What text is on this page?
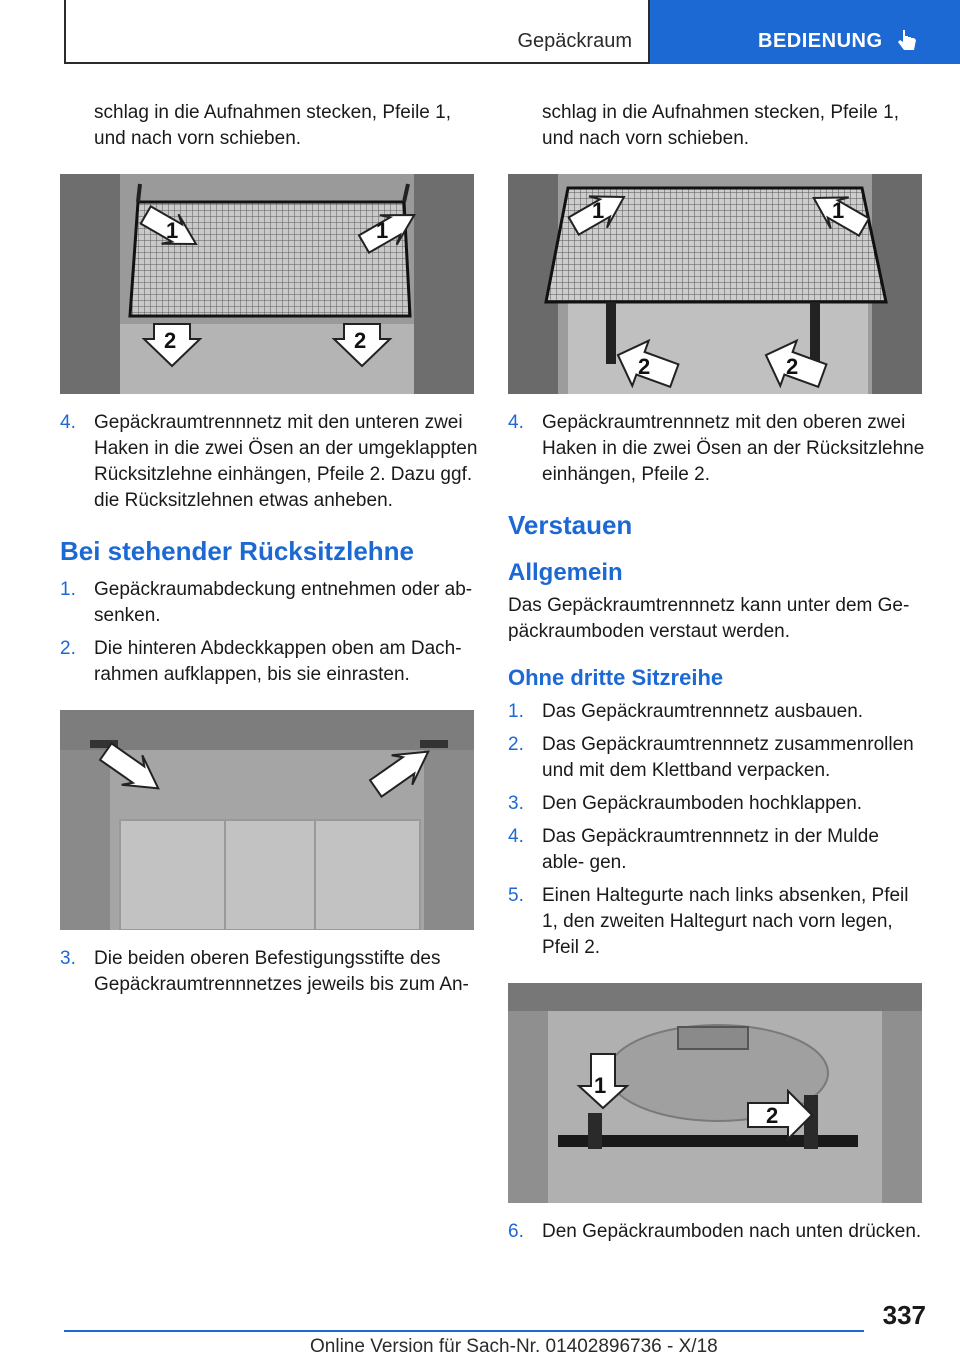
Gepäckraum	BEDIENUNG

schlag in die Aufnahmen stecken, Pfeile 1, und nach vorn schieben.

1	1
2	2
4. Gepäckraumtrennnetz mit den unteren zwei Haken in die zwei Ösen an der umgeklappten Rücksitzlehne einhängen, Pfeile 2. Dazu ggf. die Rücksitzlehnen etwas anheben.
Bei stehender Rücksitzlehne
1. Gepäckraumabdeckung entnehmen oder ab‐ senken.
2. Die hinteren Abdeckkappen oben am Dach‐ rahmen aufklappen, bis sie einrasten.
3. Die beiden oberen Befestigungsstifte des Gepäckraumtrennnetzes jeweils bis zum An‐

schlag in die Aufnahmen stecken, Pfeile 1, und nach vorn schieben.

1	1
2	2
4. Gepäckraumtrennnetz mit den oberen zwei Haken in die zwei Ösen an der Rücksitzlehne einhängen, Pfeile 2.
Verstauen
Allgemein

Das Gepäckraumtrennnetz kann unter dem Ge‐ päckraumboden verstaut werden.

Ohne dritte Sitzreihe
1. Das Gepäckraumtrennnetz ausbauen.
2. Das Gepäckraumtrennnetz zusammenrollen und mit dem Klettband verpacken.
3. Den Gepäckraumboden hochklappen.
4. Das Gepäckraumtrennnetz in der Mulde able‐ gen.
5. Einen Haltegurte nach links absenken, Pfeil 1, den zweiten Haltegurt nach vorn legen, Pfeil 2.
1
2
6. Den Gepäckraumboden nach unten drücken.
337
Online Version für Sach-Nr. 01402896736 - X/18
